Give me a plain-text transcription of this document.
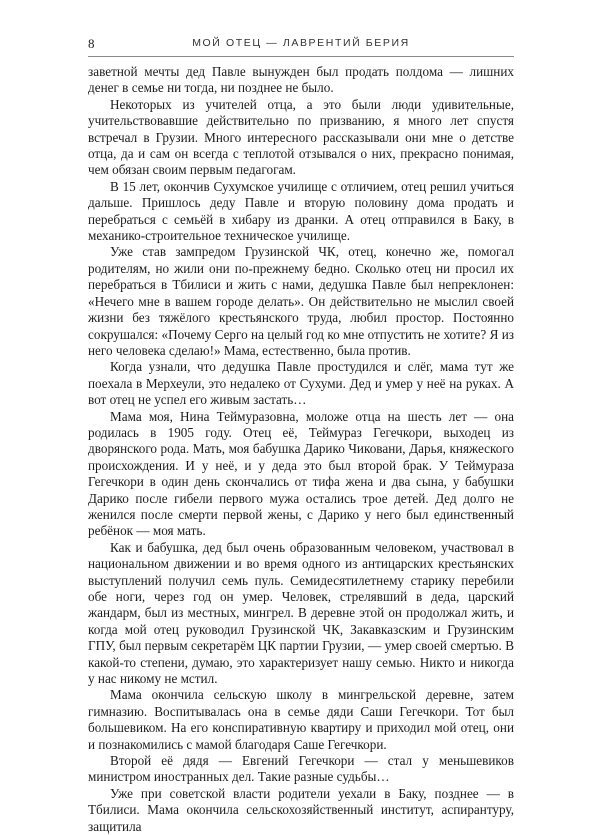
8	МОЙ ОТЕЦ — ЛАВРЕНТИЙ БЕРИЯ

заветной мечты дед Павле вынужден был продать полдома — лишних денег в семье ни тогда, ни позднее не было.

Некоторых из учителей отца, а это были люди удивительные, учительствовавшие действительно по призванию, я много лет спустя встречал в Грузии. Много интересного рассказывали они мне о детстве отца, да и сам он всегда с теплотой отзывался о них, прекрасно понимая, чем обязан своим первым педагогам.

В 15 лет, окончив Сухумское училище с отличием, отец решил учиться дальше. Пришлось деду Павле и вторую половину дома продать и перебраться с семьёй в хибару из дранки. А отец отправился в Баку, в механико-строительное техническое училище.

Уже став зампредом Грузинской ЧК, отец, конечно же, помогал родителям, но жили они по-прежнему бедно. Сколько отец ни просил их перебраться в Тбилиси и жить с нами, дедушка Павле был непреклонен: «Нечего мне в вашем городе делать». Он действительно не мыслил своей жизни без тяжёлого крестьянского труда, любил простор. Постоянно сокрушался: «Почему Серго на целый год ко мне отпустить не хотите? Я из него человека сделаю!» Мама, естественно, была против.

Когда узнали, что дедушка Павле простудился и слёг, мама тут же поехала в Мерхеули, это недалеко от Сухуми. Дед и умер у неё на руках. А вот отец не успел его живым застать…

Мама моя, Нина Теймуразовна, моложе отца на шесть лет — она родилась в 1905 году. Отец её, Теймураз Гегечкори, выходец из дворянского рода. Мать, моя бабушка Дарико Чиковани, Дарья, княжеского происхождения. И у неё, и у деда это был второй брак. У Теймураза Гегечкори в один день скончались от тифа жена и два сына, у бабушки Дарико после гибели первого мужа остались трое детей. Дед долго не женился после смерти первой жены, с Дарико у него был единственный ребёнок — моя мать.

Как и бабушка, дед был очень образованным человеком, участвовал в национальном движении и во время одного из антицарских крестьянских выступлений получил семь пуль. Семидесятилетнему старику перебили обе ноги, через год он умер. Человек, стрелявший в деда, царский жандарм, был из местных, мингрел. В деревне этой он продолжал жить, и когда мой отец руководил Грузинской ЧК, Закавказским и Грузинским ГПУ, был первым секретарём ЦК партии Грузии, — умер своей смертью. В какой-то степени, думаю, это характеризует нашу семью. Никто и никогда у нас никому не мстил.

Мама окончила сельскую школу в мингрельской деревне, затем гимназию. Воспитывалась она в семье дяди Саши Гегечкори. Тот был большевиком. На его конспиративную квартиру и приходил мой отец, они и познакомились с мамой благодаря Саше Гегечкори.

Второй её дядя — Евгений Гегечкори — стал у меньшевиков министром иностранных дел. Такие разные судьбы…

Уже при советской власти родители уехали в Баку, позднее — в Тбилиси. Мама окончила сельскохозяйственный институт, аспирантуру, защитила
